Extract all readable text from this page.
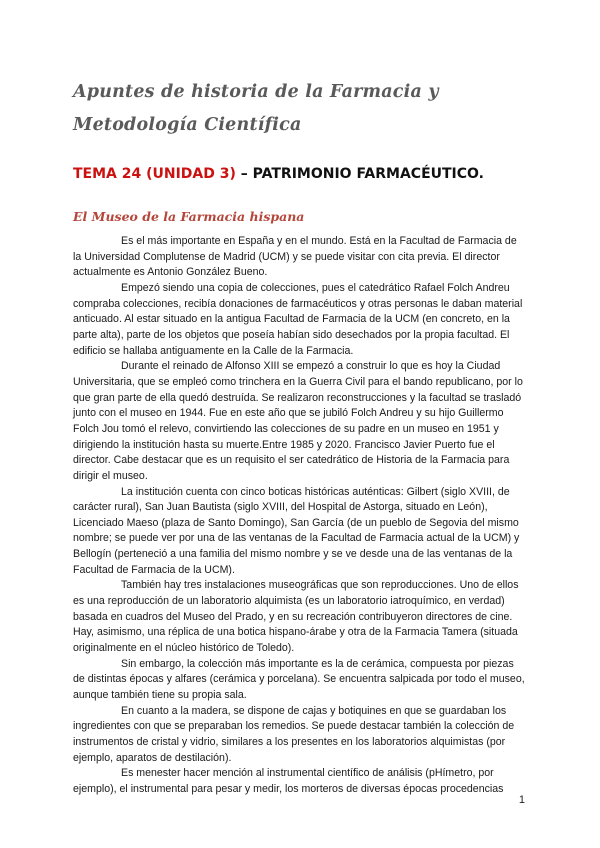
Apuntes de historia de la Farmacia y
Metodología Científica
TEMA 24 (UNIDAD 3) – PATRIMONIO FARMACÉUTICO.
El Museo de la Farmacia hispana

Es el más importante en España y en el mundo. Está en la Facultad de Farmacia de la Universidad Complutense de Madrid (UCM) y se puede visitar con cita previa. El director actualmente es Antonio González Bueno.

Empezó siendo una copia de colecciones, pues el catedrático Rafael Folch Andreu compraba colecciones, recibía donaciones de farmacéuticos y otras personas le daban material anticuado. Al estar situado en la antigua Facultad de Farmacia de la UCM (en concreto, en la parte alta), parte de los objetos que poseía habían sido desechados por la propia facultad. El edificio se hallaba antiguamente en la Calle de la Farmacia.

Durante el reinado de Alfonso XIII se empezó a construir lo que es hoy la Ciudad Universitaria, que se empleó como trinchera en la Guerra Civil para el bando republicano, por lo que gran parte de ella quedó destruída. Se realizaron reconstrucciones y la facultad se trasladó junto con el museo en 1944. Fue en este año que se jubiló Folch Andreu y su hijo Guillermo Folch Jou tomó el relevo, convirtiendo las colecciones de su padre en un museo en 1951 y dirigiendo la institución hasta su muerte.Entre 1985 y 2020. Francisco Javier Puerto fue el director. Cabe destacar que es un requisito el ser catedrático de Historia de la Farmacia para dirigir el museo.

La institución cuenta con cinco boticas históricas auténticas: Gilbert (siglo XVIII, de carácter rural), San Juan Bautista (siglo XVIII, del Hospital de Astorga, situado en León), Licenciado Maeso (plaza de Santo Domingo), San García (de un pueblo de Segovia del mismo nombre; se puede ver por una de las ventanas de la Facultad de Farmacia actual de la UCM) y Bellogín (perteneció a una familia del mismo nombre y se ve desde una de las ventanas de la Facultad de Farmacia de la UCM).

También hay tres instalaciones museográficas que son reproducciones. Uno de ellos es una reproducción de un laboratorio alquimista (es un laboratorio iatroquímico, en verdad) basada en cuadros del Museo del Prado, y en su recreación contribuyeron directores de cine. Hay, asimismo, una réplica de una botica hispano-árabe y otra de la Farmacia Tamera (situada originalmente en el núcleo histórico de Toledo).

Sin embargo, la colección más importante es la de cerámica, compuesta por piezas de distintas épocas y alfares (cerámica y porcelana). Se encuentra salpicada por todo el museo, aunque también tiene su propia sala.

En cuanto a la madera, se dispone de cajas y botiquines en que se guardaban los ingredientes con que se preparaban los remedios. Se puede destacar también la colección de instrumentos de cristal y vidrio, similares a los presentes en los laboratorios alquimistas (por ejemplo, aparatos de destilación).

Es menester hacer mención al instrumental científico de análisis (pHímetro, por ejemplo), el instrumental para pesar y medir, los morteros de diversas épocas procedencias

1
